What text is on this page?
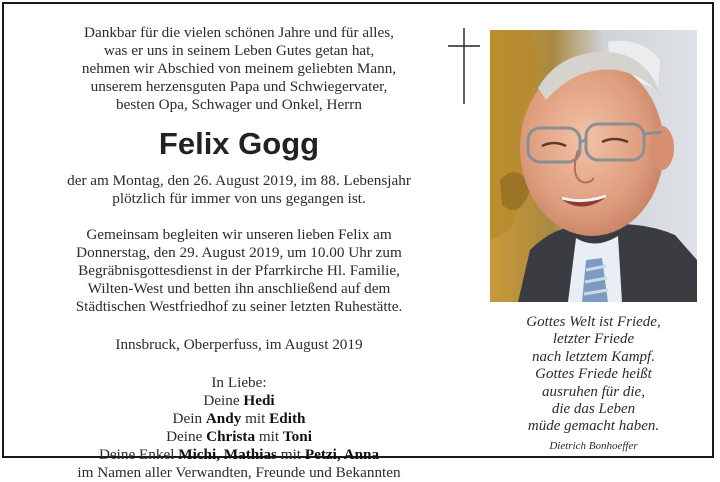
Dankbar für die vielen schönen Jahre und für alles,
was er uns in seinem Leben Gutes getan hat,
nehmen wir Abschied von meinem geliebten Mann,
unserem herzensguten Papa und Schwiegervater,
besten Opa, Schwager und Onkel, Herrn
Felix Gogg
der am Montag, den 26. August 2019, im 88. Lebensjahr
plötzlich für immer von uns gegangen ist.
Gemeinsam begleiten wir unseren lieben Felix am
Donnerstag, den 29. August 2019, um 10.00 Uhr zum
Begräbnisgottesdienst in der Pfarrkirche Hl. Familie,
Wilten-West und betten ihn anschließend auf dem
Städtischen Westfriedhof zu seiner letzten Ruhestätte.
Innsbruck, Oberperfuss, im August 2019
In Liebe:
Deine Hedi
Dein Andy mit Edith
Deine Christa mit Toni
Deine Enkel Michi, Mathias mit Petzi, Anna
im Namen aller Verwandten, Freunde und Bekannten
Gottes Welt ist Friede,
letzter Friede
nach letztem Kampf.
Gottes Friede heißt
ausruhen für die,
die das Leben
müde gemacht haben.
Dietrich Bonhoeffer
